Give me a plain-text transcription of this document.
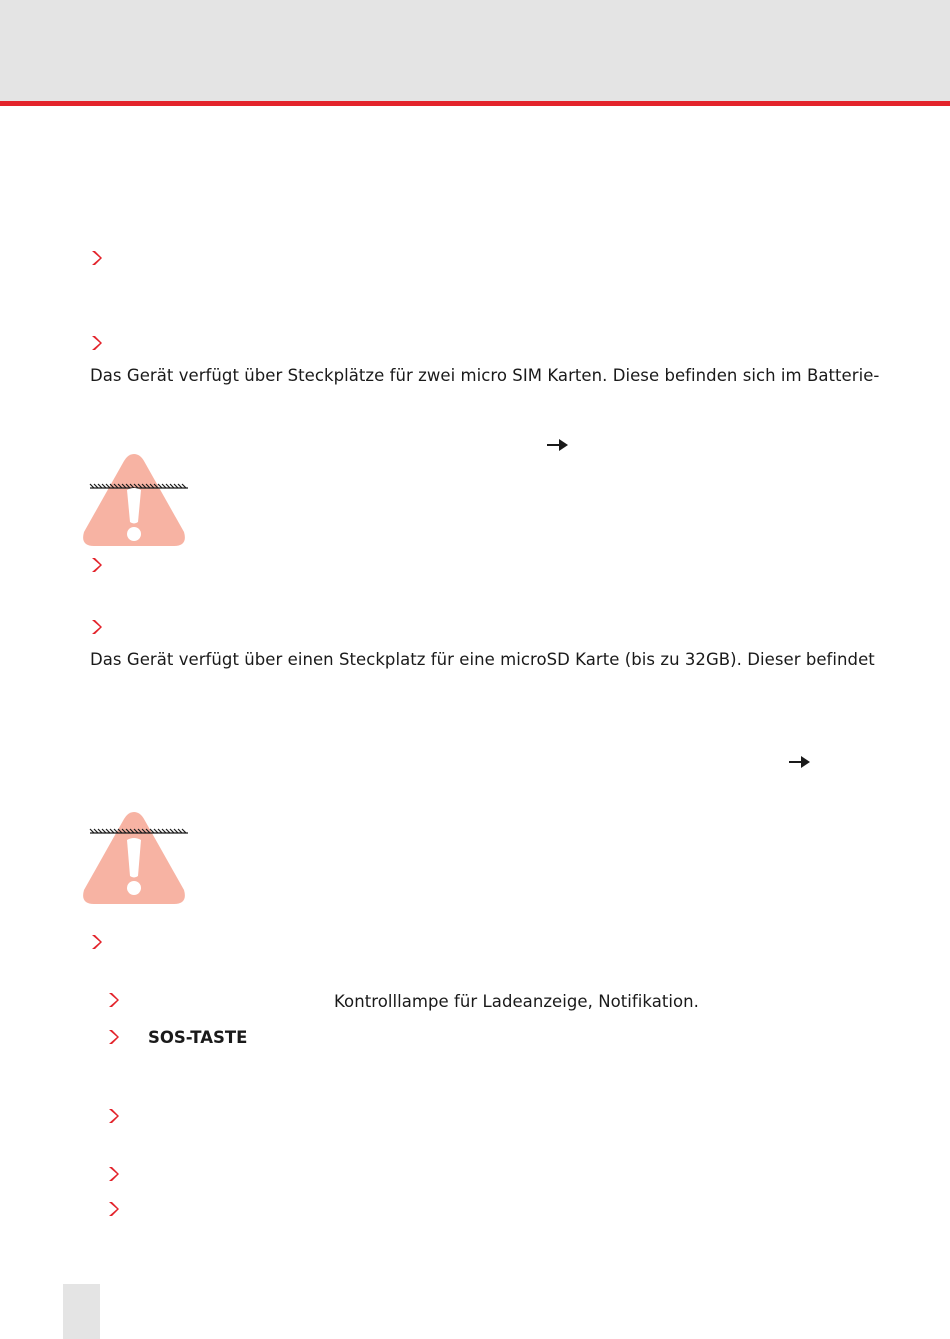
Das Gerät verfügt über Steckplätze für zwei micro SIM Karten. Diese befinden sich im Batterie-
Das Gerät verfügt über einen Steckplatz für eine microSD Karte (bis zu 32GB). Dieser befindet
Kontrolllampe für Ladeanzeige, Notifikation.
SOS-TASTE
